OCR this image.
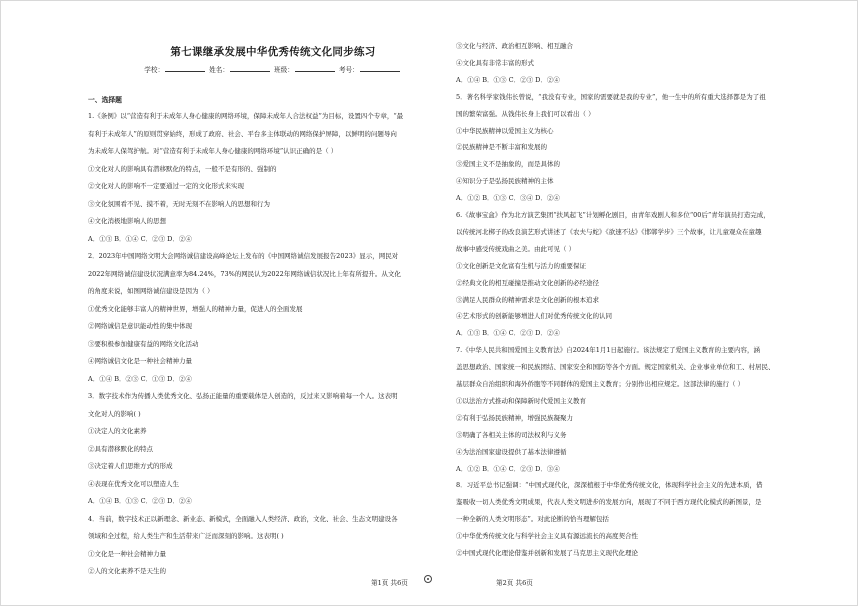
第七课继承发展中华优秀传统文化同步练习
学校：	姓名：	班级：	考号：
一、选择题
1.《条例》以“营造有利于未成年人身心健康的网络环境，保障未成年人合法权益”为目标，设置四个专章，“最
有利于未成年人”的原则贯穿始终，形成了政府、社会、平台多主体联动的网络保护屏障，以鲜明的问题导向
为未成年人保驾护航。对“营造有利于未成年人身心健康的网络环境”认识正确的是（ ）
①文化对人的影响具有潜移默化的特点，一般不是有形的、强制的
②文化对人的影响不一定要通过一定的文化形式来实现
③文化氛围看不见、摸不着，无时无刻不在影响人的思想和行为
④文化消极地影响人的思想
A．①③ B．①④ C．②③ D．②④
2．2023年中国网络文明大会网络诚信建设高峰论坛上发布的《中国网络诚信发展报告2023》显示，网民对
2022年网络诚信建设状况满意率为84.24%，73%的网民认为2022年网络诚信状况比上年有所提升。从文化
的角度来说，如图网络诚信建设是因为（ ）
①优秀文化能够丰富人的精神世界，增强人的精神力量，促进人的全面发展
②网络诚信是意识能动性的集中体现
③要积极参加健康有益的网络文化活动
④网络诚信文化是一种社会精神力量
A．①④ B．②③ C．①③ D．②④
3．数字技术作为传播人类优秀文化、弘扬正能量的重要载体是人创造的，反过来又影响着每一个人。这表明
文化对人的影响( )
①决定人的文化素养
②具有潜移默化的特点
③决定着人们思维方式的形成
④表现在优秀文化可以塑造人生
A．①④ B．①③ C．②③ D．②④
4．当前，数字技术正以新理念、新业态、新模式，全面融入人类经济、政治，文化、社会、生态文明建设各
领域和全过程，给人类生产和生活带来广泛而深刻的影响。这表明( )
①文化是一种社会精神力量
②人的文化素养不是天生的
③文化与经济、政治相互影响、相互融合
④文化具有非常丰富的形式
A．①④ B．①③ C．②③ D．②④
5．著名科学家钱伟长曾说，“我没有专业，国家的需要就是我的专业”，他一生中的所有重大选择都是为了祖
国的繁荣富强。从钱伟长身上我们可以看出（ ）
①中华民族精神以爱国主义为核心
②民族精神是不断丰富和发展的
③爱国主义不是抽象的，而是具体的
④知识分子是弘扬民族精神的主体
A．①② B．①③ C．③④ D．②④
6.《故事宝盒》作为北方演艺集团“扶风起飞”计划孵化剧目，由青年戏剧人和多位“00后”青年演员打造完成，
以传统河北梆子的改良演艺形式讲述了《农夫与蛇》《欲速不达》《邯郸学步》三个故事，让儿童观众在童趣
故事中感受传统戏曲之美。由此可见（ ）
①文化创新是文化富有生机与活力的重要保证
②经典文化的相互碰撞是推动文化创新的必经途径
③满足人民群众的精神需求是文化创新的根本追求
④艺术形式的创新能够增进人们对优秀传统文化的认同
A．①③ B．①④ C．②③ D．②④
7.《中华人民共和国爱国主义教育法》自2024年1月1日起施行。该法规定了爱国主义教育的主要内容，涵
盖思想政治、国家统一和民族团结、国家安全和国防等各个方面。规定国家机关、企业事业单位和工、村居民、
基层群众自治组织和海外侨胞等不同群体的爱国主义教育；分别作出相应规定。这部法律的施行（ ）
①以法治方式推动和保障新时代爱国主义教育
②有利于弘扬民族精神，增强民族凝聚力
③明确了各相关主体的司法权利与义务
④为法治国家建设提供了基本法律遵循
A．①② B．①④ C．②③ D．③④
8．习近平总书记强调：“中国式现代化，深深植根于中华优秀传统文化，体现科学社会主义的先进本质，借
鉴吸收一切人类优秀文明成果，代表人类文明进步的发展方向，展现了不同于西方现代化模式的新图景，是
一种全新的人类文明形态”。对此论断的恰当理解包括
①中华优秀传统文化与科学社会主义具有源远流长的高度契合性
②中国式现代化理论借鉴并创新和发展了马克思主义现代化理论
第1页 共6页	第2页 共6页
